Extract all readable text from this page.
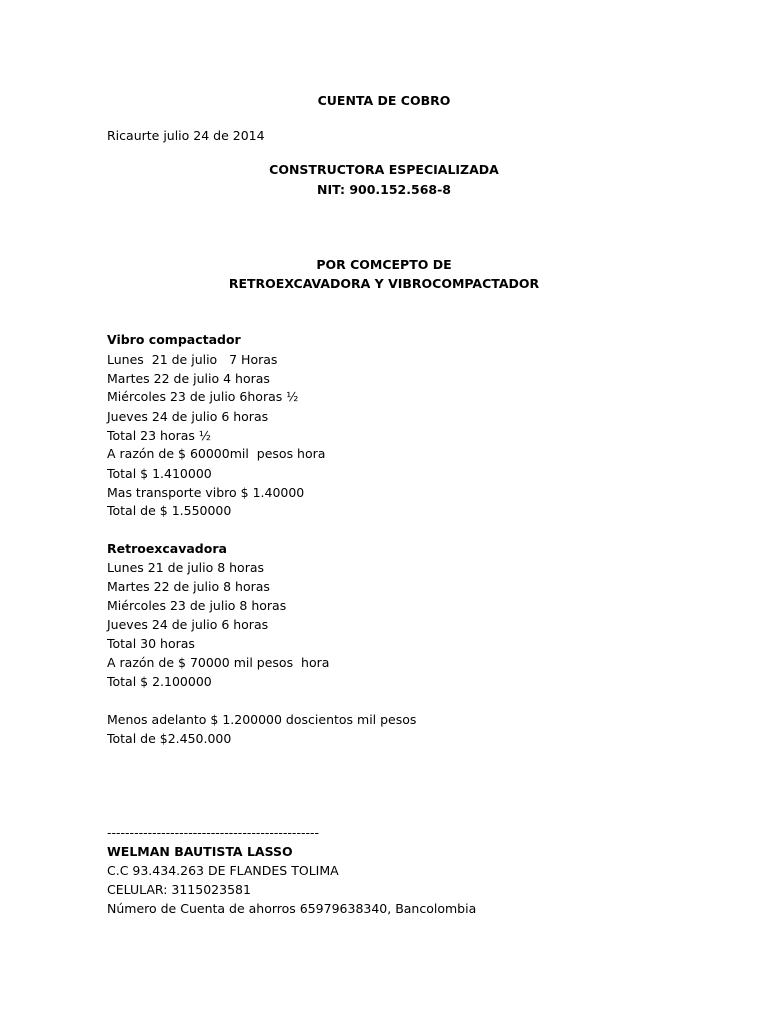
CUENTA DE COBRO
Ricaurte julio 24 de 2014
CONSTRUCTORA ESPECIALIZADA
NIT: 900.152.568-8
POR COMCEPTO DE
RETROEXCAVADORA Y VIBROCOMPACTADOR
Vibro compactador
Lunes  21 de julio   7 Horas
Martes 22 de julio 4 horas
Miércoles 23 de julio 6horas ½
Jueves 24 de julio 6 horas
Total 23 horas ½
A razón de $ 60000mil  pesos hora
Total $ 1.410000
Mas transporte vibro $ 1.40000
Total de $ 1.550000
Retroexcavadora
Lunes 21 de julio 8 horas
Martes 22 de julio 8 horas
Miércoles 23 de julio 8 horas
Jueves 24 de julio 6 horas
Total 30 horas
A razón de $ 70000 mil pesos  hora
Total $ 2.100000
Menos adelanto $ 1.200000 doscientos mil pesos
Total de $2.450.000
-----------------------------------------------
WELMAN BAUTISTA LASSO
C.C 93.434.263 DE FLANDES TOLIMA
CELULAR: 3115023581
Número de Cuenta de ahorros 65979638340, Bancolombia
